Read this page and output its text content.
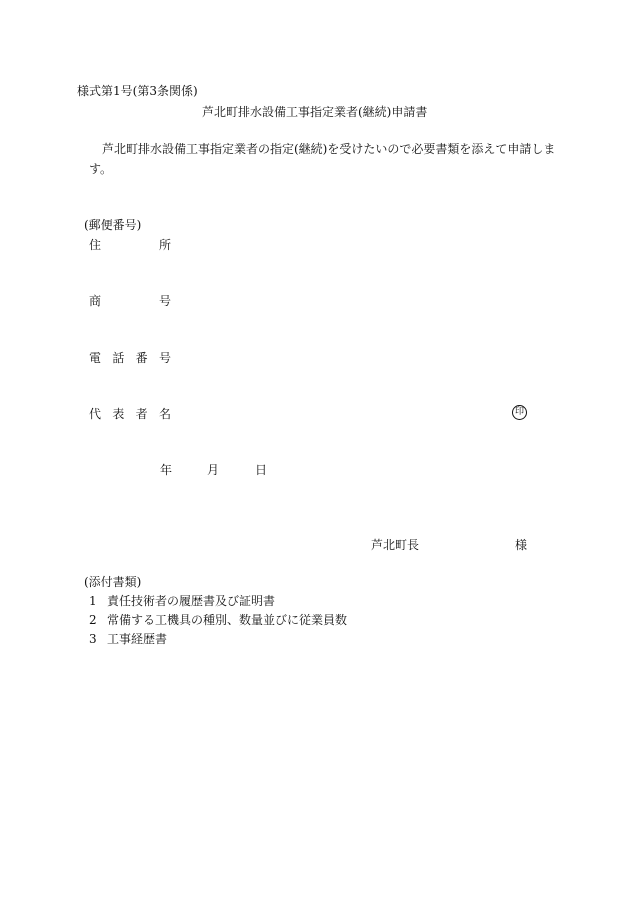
様式第1号(第3条関係)
芦北町排水設備工事指定業者(継続)申請書
芦北町排水設備工事指定業者の指定(継続)を受けたいので必要書類を添えて申請しま
す。
(郵便番号)
住	所
商	号
電 話 番 号
代 表 者 名	印
年	月	日
芦北町長	様
(添付書類)
1 責任技術者の履歴書及び証明書
2 常備する工機具の種別、数量並びに従業員数
3 工事経歴書
